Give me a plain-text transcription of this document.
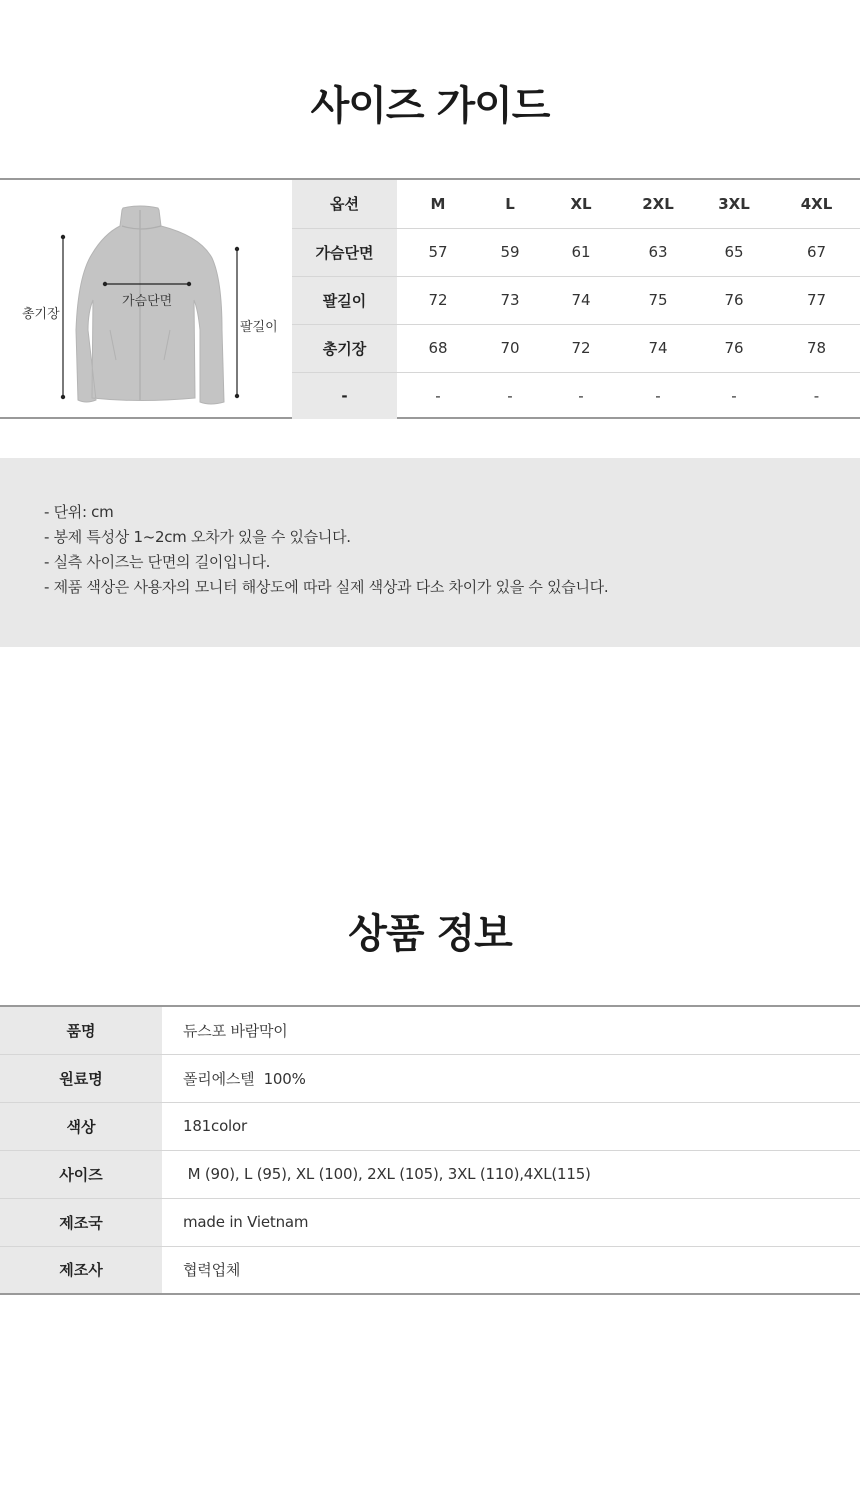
사이즈 가이드
총기장
가슴단면
팔길이
옵션	M	L	XL	2XL	3XL	4XL
가슴단면	57	59	61	63	65	67
팔길이	72	73	74	75	76	77
총기장	68	70	72	74	76	78
-	-	-	-	-	-	-
- 단위: cm
- 봉제 특성상 1~2cm 오차가 있을 수 있습니다.
- 실측 사이즈는 단면의 길이입니다.
- 제품 색상은 사용자의 모니터 해상도에 따라 실제 색상과 다소 차이가 있을 수 있습니다.
상품 정보
품명	듀스포 바람막이
원료명	폴리에스텔  100%
색상	181color
사이즈	M (90), L (95), XL (100), 2XL (105), 3XL (110),4XL(115)
제조국	made in Vietnam
제조사	협력업체
